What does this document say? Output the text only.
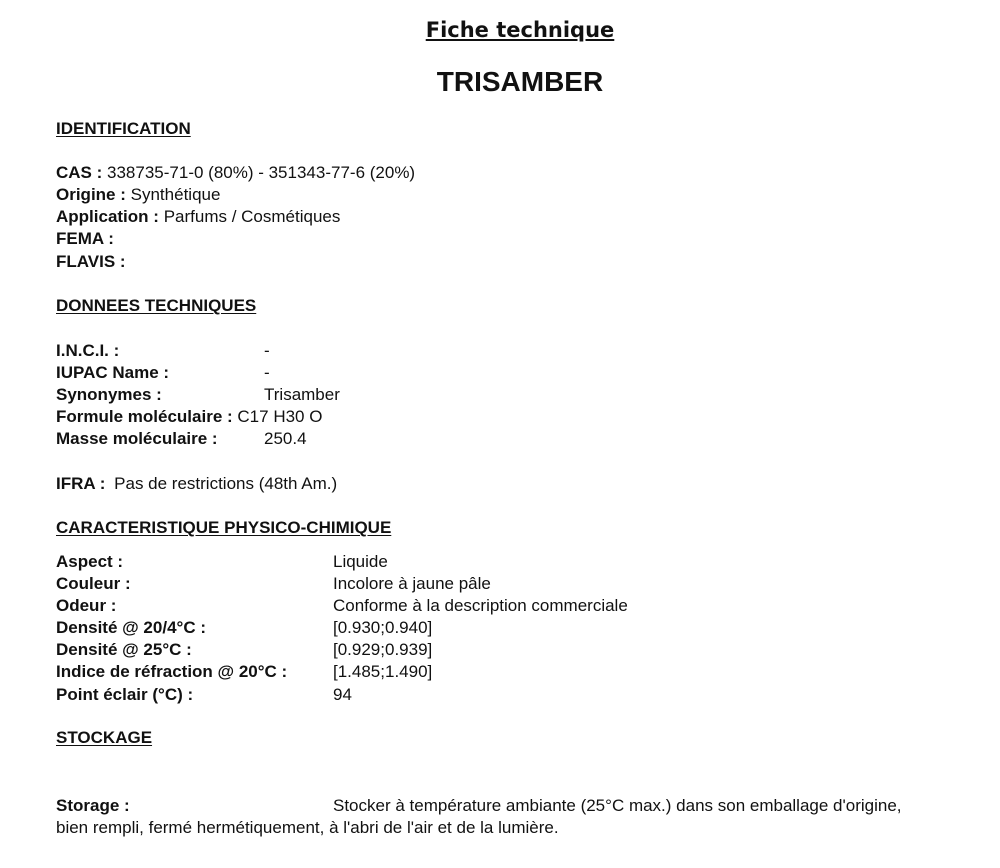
Fiche technique
TRISAMBER
IDENTIFICATION
CAS : 338735-71-0 (80%) - 351343-77-6 (20%)
Origine : Synthétique
Application : Parfums / Cosmétiques
FEMA :
FLAVIS :
DONNEES TECHNIQUES
I.N.C.I. :	-
IUPAC Name :	-
Synonymes :	Trisamber
Formule moléculaire : C17 H30 O
Masse moléculaire :	250.4
IFRA : Pas de restrictions (48th Am.)
CARACTERISTIQUE PHYSICO-CHIMIQUE
Aspect :	Liquide
Couleur :	Incolore à jaune pâle
Odeur :	Conforme à la description commerciale
Densité @ 20/4°C :	[0.930;0.940]
Densité @ 25°C :	[0.929;0.939]
Indice de réfraction @ 20°C :	[1.485;1.490]
Point éclair (°C) :	94
STOCKAGE
Storage :	Stocker à température ambiante (25°C max.) dans son emballage d'origine,
bien rempli, fermé hermétiquement, à l'abri de l'air et de la lumière.
